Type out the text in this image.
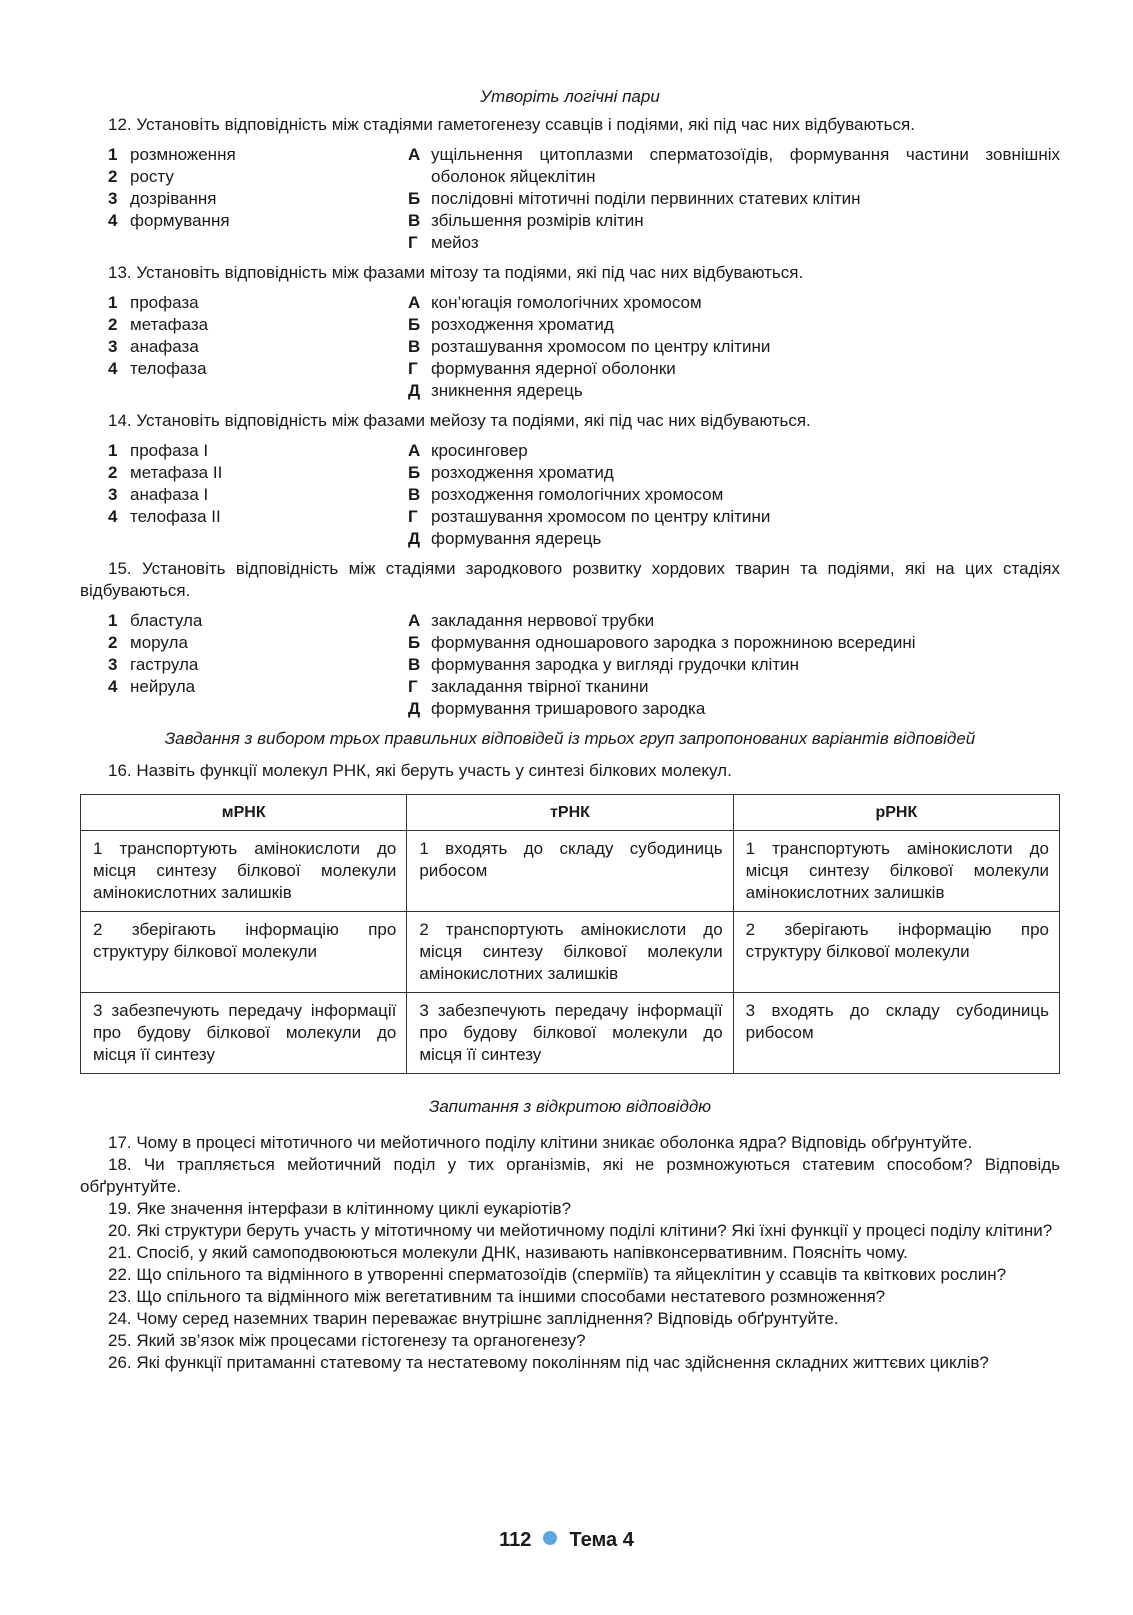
Утворіть логічні пари

12. Установіть відповідність між стадіями гаметогенезу ссавців і подіями, які під час них відбуваються.

1 розмноження
2 росту
3 дозрівання
4 формування
А ущільнення цитоплазми сперматозоїдів, формування частини зовнішніх оболонок яйцеклітин
Б послідовні мітотичні поділи первинних статевих клітин
В збільшення розмірів клітин
Г мейоз

13. Установіть відповідність між фазами мітозу та подіями, які під час них відбуваються.

1 профаза
2 метафаза
3 анафаза
4 телофаза
А кон’югація гомологічних хромосом
Б розходження хроматид
В розташування хромосом по центру клітини
Г формування ядерної оболонки
Д зникнення ядерець

14. Установіть відповідність між фазами мейозу та подіями, які під час них відбуваються.

1 профаза І
2 метафаза ІІ
3 анафаза І
4 телофаза ІІ
А кросинговер
Б розходження хроматид
В розходження гомологічних хромосом
Г розташування хромосом по центру клітини
Д формування ядерець

15. Установіть відповідність між стадіями зародкового розвитку хордових тварин та подіями, які на цих стадіях відбуваються.

1 бластула
2 морула
3 гаструла
4 нейрула
А закладання нервової трубки
Б формування одношарового зародка з порожниною всередині
В формування зародка у вигляді грудочки клітин
Г закладання твірної тканини
Д формування тришарового зародка

Завдання з вибором трьох правильних відповідей із трьох груп запропонованих варіантів відповідей

16. Назвіть функції молекул РНК, які беруть участь у синтезі білкових молекул.

мРНК	тРНК	рРНК
1 транспортують амінокислоти до місця синтезу білкової молекули амінокислотних залишків	1 входять до складу субодиниць рибосом	1 транспортують амінокислоти до місця синтезу білкової молекули амінокислотних залишків
2 зберігають інформацію про структуру білкової молекули	2 транспортують амінокислоти до місця синтезу білкової молекули амінокислотних залишків	2 зберігають інформацію про структуру білкової молекули
3 забезпечують передачу інформації про будову білкової молекули до місця її синтезу	3 забезпечують передачу інформації про будову білкової молекули до місця її синтезу	3 входять до складу субодиниць рибосом

Запитання з відкритою відповіддю

17. Чому в процесі мітотичного чи мейотичного поділу клітини зникає оболонка ядра? Відповідь обґрунтуйте.

18. Чи трапляється мейотичний поділ у тих організмів, які не розмножуються статевим способом? Відповідь обґрунтуйте.

19. Яке значення інтерфази в клітинному циклі еукаріотів?

20. Які структури беруть участь у мітотичному чи мейотичному поділі клітини? Які їхні функції у процесі поділу клітини?

21. Спосіб, у який самоподвоюються молекули ДНК, називають напівконсервативним. Поясніть чому.

22. Що спільного та відмінного в утворенні сперматозоїдів (сперміїв) та яйцеклітин у ссавців та квіткових рослин?

23. Що спільного та відмінного між вегетативним та іншими способами нестатевого розмноження?

24. Чому серед наземних тварин переважає внутрішнє запліднення? Відповідь обґрунтуйте.

25. Який зв’язок між процесами гістогенезу та органогенезу?

26. Які функції притаманні статевому та нестатевому поколінням під час здійснення складних життєвих циклів?

112 Тема 4
